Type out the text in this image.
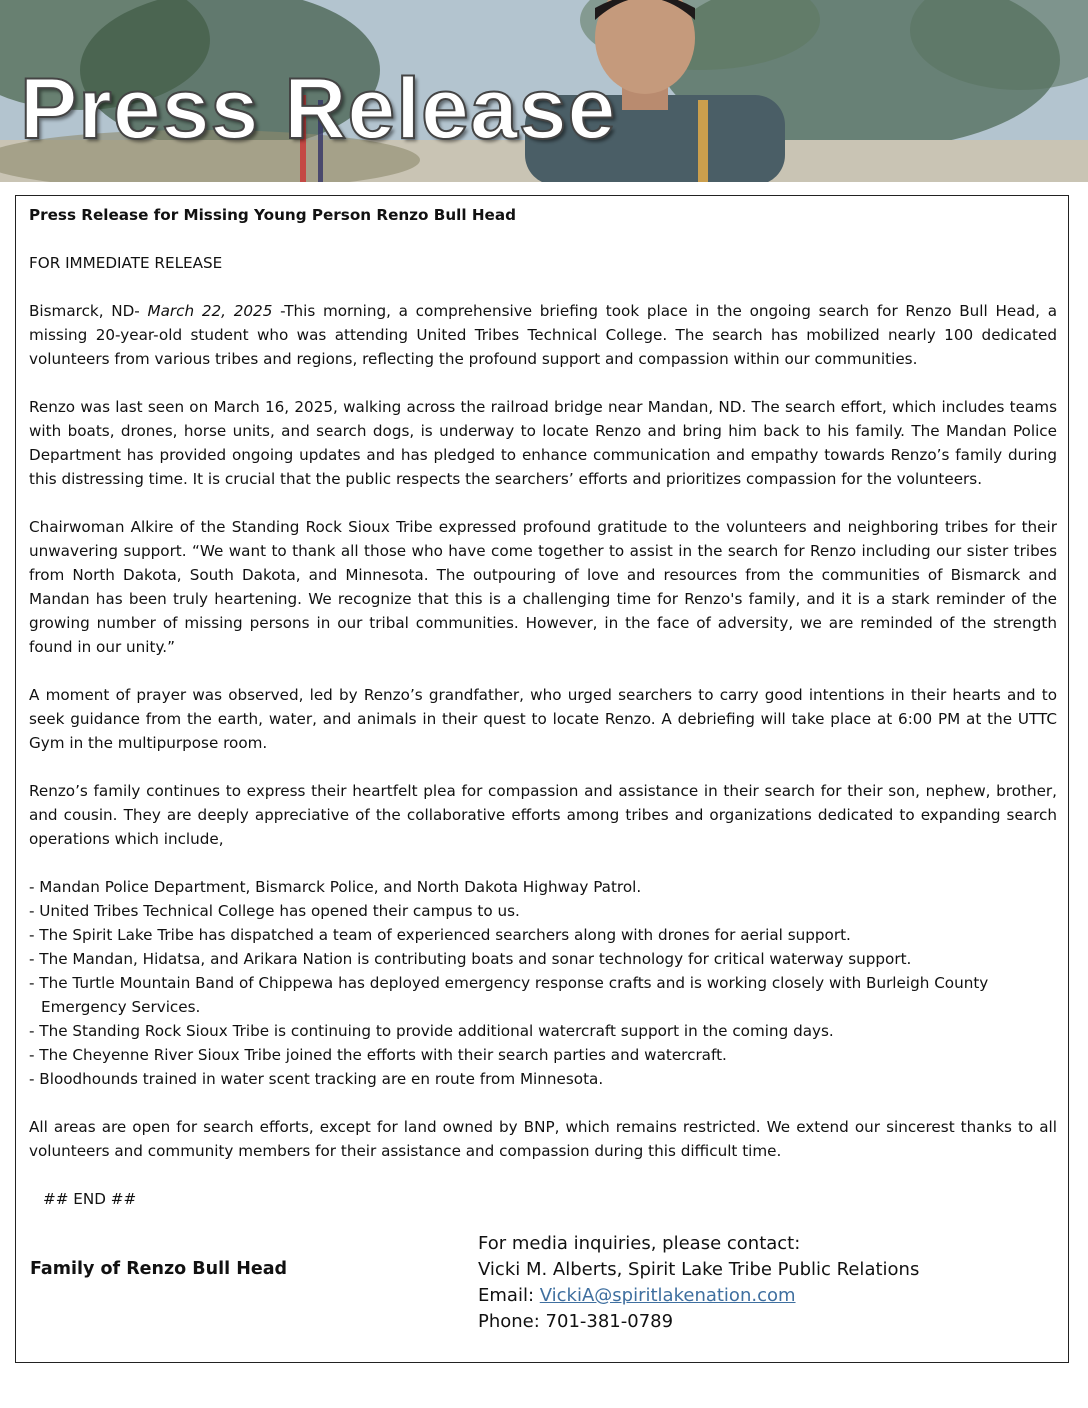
Press Release

Press Release for Missing Young Person Renzo Bull Head

FOR IMMEDIATE RELEASE

Bismarck, ND- March 22, 2025 -This morning, a comprehensive briefing took place in the ongoing search for Renzo Bull Head, a missing 20-year-old student who was attending United Tribes Technical College. The search has mobilized nearly 100 dedicated volunteers from various tribes and regions, reflecting the profound support and compassion within our communities.

Renzo was last seen on March 16, 2025, walking across the railroad bridge near Mandan, ND. The search effort, which includes teams with boats, drones, horse units, and search dogs, is underway to locate Renzo and bring him back to his family. The Mandan Police Department has provided ongoing updates and has pledged to enhance communication and empathy towards Renzo’s family during this distressing time. It is crucial that the public respects the searchers’ efforts and prioritizes compassion for the volunteers.

Chairwoman Alkire of the Standing Rock Sioux Tribe expressed profound gratitude to the volunteers and neighboring tribes for their unwavering support. “We want to thank all those who have come together to assist in the search for Renzo including our sister tribes from North Dakota, South Dakota, and Minnesota. The outpouring of love and resources from the communities of Bismarck and Mandan has been truly heartening. We recognize that this is a challenging time for Renzo's family, and it is a stark reminder of the growing number of missing persons in our tribal communities. However, in the face of adversity, we are reminded of the strength found in our unity.”

A moment of prayer was observed, led by Renzo’s grandfather, who urged searchers to carry good intentions in their hearts and to seek guidance from the earth, water, and animals in their quest to locate Renzo. A debriefing will take place at 6:00 PM at the UTTC Gym in the multipurpose room.

Renzo’s family continues to express their heartfelt plea for compassion and assistance in their search for their son, nephew, brother, and cousin. They are deeply appreciative of the collaborative efforts among tribes and organizations dedicated to expanding search operations which include,

- Mandan Police Department, Bismarck Police, and North Dakota Highway Patrol.
- United Tribes Technical College has opened their campus to us.
- The Spirit Lake Tribe has dispatched a team of experienced searchers along with drones for aerial support.
- The Mandan, Hidatsa, and Arikara Nation is contributing boats and sonar technology for critical waterway support.
- The Turtle Mountain Band of Chippewa has deployed emergency response crafts and is working closely with Burleigh County Emergency Services.
- The Standing Rock Sioux Tribe is continuing to provide additional watercraft support in the coming days.
- The Cheyenne River Sioux Tribe joined the efforts with their search parties and watercraft.
- Bloodhounds trained in water scent tracking are en route from Minnesota.

All areas are open for search efforts, except for land owned by BNP, which remains restricted. We extend our sincerest thanks to all volunteers and community members for their assistance and compassion during this difficult time.

## END ##

Family of Renzo Bull Head
For media inquiries, please contact:
Vicki M. Alberts, Spirit Lake Tribe Public Relations
Email: VickiA@spiritlakenation.com
Phone: 701-381-0789
